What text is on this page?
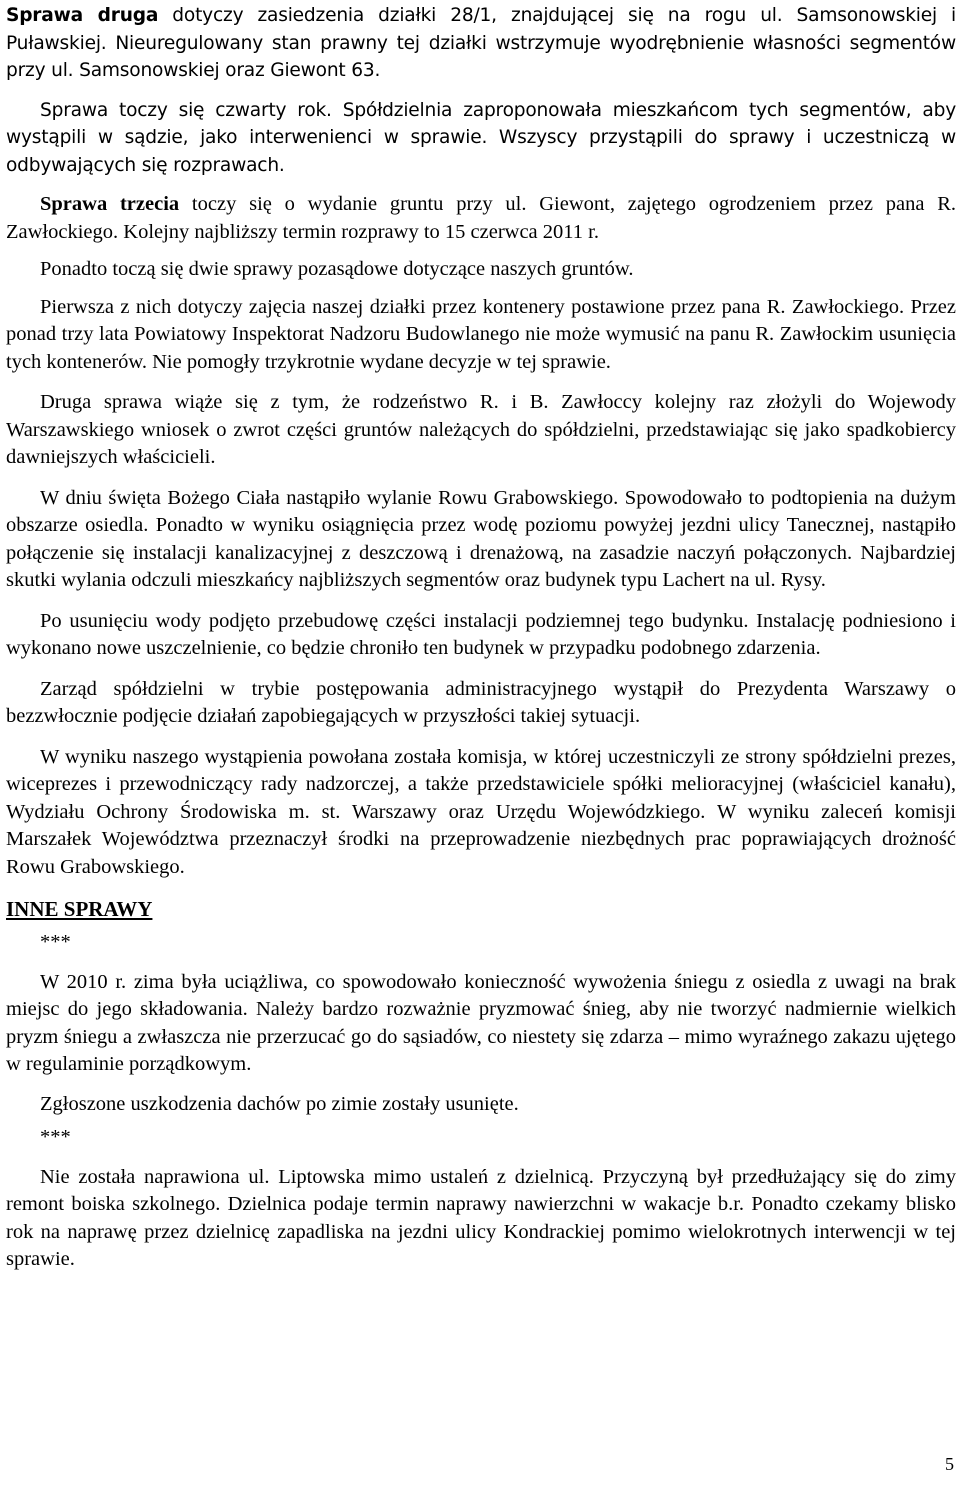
Sprawa druga dotyczy zasiedzenia działki 28/1, znajdującej się na rogu ul. Samsonowskiej i Puławskiej. Nieuregulowany stan prawny tej działki wstrzymuje wyodrębnienie własności segmentów przy ul. Samsonowskiej oraz Giewont 63.

Sprawa toczy się czwarty rok. Spółdzielnia zaproponowała mieszkańcom tych segmentów, aby wystąpili w sądzie, jako interwenienci w sprawie. Wszyscy przystąpili do sprawy i uczestniczą w odbywających się rozprawach.

Sprawa trzecia toczy się o wydanie gruntu przy ul. Giewont, zajętego ogrodzeniem przez pana R. Zawłockiego. Kolejny najbliższy termin rozprawy to 15 czerwca 2011 r.

Ponadto toczą się dwie sprawy pozasądowe dotyczące naszych gruntów.

Pierwsza z nich dotyczy zajęcia naszej działki przez kontenery postawione przez pana R. Zawłockiego. Przez ponad trzy lata Powiatowy Inspektorat Nadzoru Budowlanego nie może wymusić na panu R. Zawłockim usunięcia tych kontenerów. Nie pomogły trzykrotnie wydane decyzje w tej sprawie.

Druga sprawa wiąże się z tym, że rodzeństwo R. i B. Zawłoccy kolejny raz złożyli do Wojewody Warszawskiego wniosek o zwrot części gruntów należących do spółdzielni, przedstawiając się jako spadkobiercy dawniejszych właścicieli.

W dniu święta Bożego Ciała nastąpiło wylanie Rowu Grabowskiego. Spowodowało to podtopienia na dużym obszarze osiedla. Ponadto w wyniku osiągnięcia przez wodę poziomu powyżej jezdni ulicy Tanecznej, nastąpiło połączenie się instalacji kanalizacyjnej z deszczową i drenażową, na zasadzie naczyń połączonych. Najbardziej skutki wylania odczuli mieszkańcy najbliższych segmentów oraz budynek typu Lachert na ul. Rysy.

Po usunięciu wody podjęto przebudowę części instalacji podziemnej tego budynku. Instalację podniesiono i wykonano nowe uszczelnienie, co będzie chroniło ten budynek w przypadku podobnego zdarzenia.

Zarząd spółdzielni w trybie postępowania administracyjnego wystąpił do Prezydenta Warszawy o bezzwłocznie podjęcie działań zapobiegających w przyszłości takiej sytuacji.

W wyniku naszego wystąpienia powołana została komisja, w której uczestniczyli ze strony spółdzielni prezes, wiceprezes i przewodniczący rady nadzorczej, a także przedstawiciele spółki melioracyjnej (właściciel kanału), Wydziału Ochrony Środowiska m. st. Warszawy oraz Urzędu Wojewódzkiego. W wyniku zaleceń komisji Marszałek Województwa przeznaczył środki na przeprowadzenie niezbędnych prac poprawiających drożność Rowu Grabowskiego.

INNE SPRAWY
***

W 2010 r. zima była uciążliwa, co spowodowało konieczność wywożenia śniegu z osiedla z uwagi na brak miejsc do jego składowania. Należy bardzo rozważnie pryzmować śnieg, aby nie tworzyć nadmiernie wielkich pryzm śniegu a zwłaszcza nie przerzucać go do sąsiadów, co niestety się zdarza – mimo wyraźnego zakazu ujętego w regulaminie porządkowym.

Zgłoszone uszkodzenia dachów po zimie zostały usunięte.

***

Nie została naprawiona ul. Liptowska mimo ustaleń z dzielnicą. Przyczyną był przedłużający się do zimy remont boiska szkolnego. Dzielnica podaje termin naprawy nawierzchni w wakacje b.r. Ponadto czekamy blisko rok na naprawę przez dzielnicę zapadliska na jezdni ulicy Kondrackiej pomimo wielokrotnych interwencji w tej sprawie.

5
